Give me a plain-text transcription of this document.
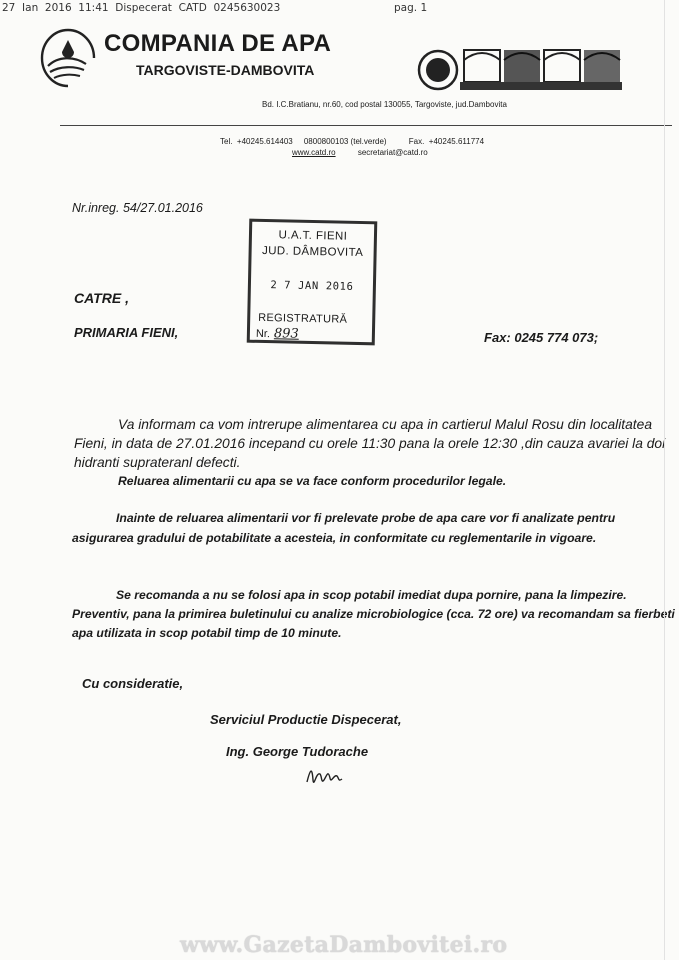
27  Ian  2016  11:41  Dispecerat  CATD  0245630023	pag. 1
COMPANIA DE APA
TARGOVISTE-DAMBOVITA
Bd. I.C.Bratianu, nr.60, cod postal 130055, Targoviste, jud.Dambovita
Tel.  +40245.614403     0800800103 (tel.verde)          Fax.  +40245.611774
www.catd.ro	secretariat@catd.ro
Nr.inreg. 54/27.01.2016
U.A.T. FIENI
JUD. DÂMBOVITA
2 7 JAN 2016
REGISTRATURĂ
Nr. 893
CATRE ,
PRIMARIA FIENI,	Fax: 0245 774 073;
Va informam ca vom intrerupe alimentarea cu apa in cartierul Malul Rosu din localitatea Fieni, in data de 27.01.2016 incepand cu orele 11:30 pana la orele 12:30 ,din cauza avariei la doi hidranti suprateranl defecti.
Reluarea alimentarii cu apa se va face conform procedurilor legale.
Inainte de reluarea alimentarii vor fi prelevate probe de apa care vor fi analizate pentru asigurarea gradului de potabilitate a acesteia, in conformitate cu reglementarile in vigoare.
Se recomanda a nu se folosi apa in scop potabil imediat dupa pornire, pana la limpezire. Preventiv, pana la primirea buletinului cu analize microbiologice (cca. 72 ore) va recomandam sa fierbeti apa utilizata in scop potabil timp de 10 minute.
Cu consideratie,
Serviciul Productie Dispecerat,
Ing. George Tudorache
www.GazetaDambovitei.ro
